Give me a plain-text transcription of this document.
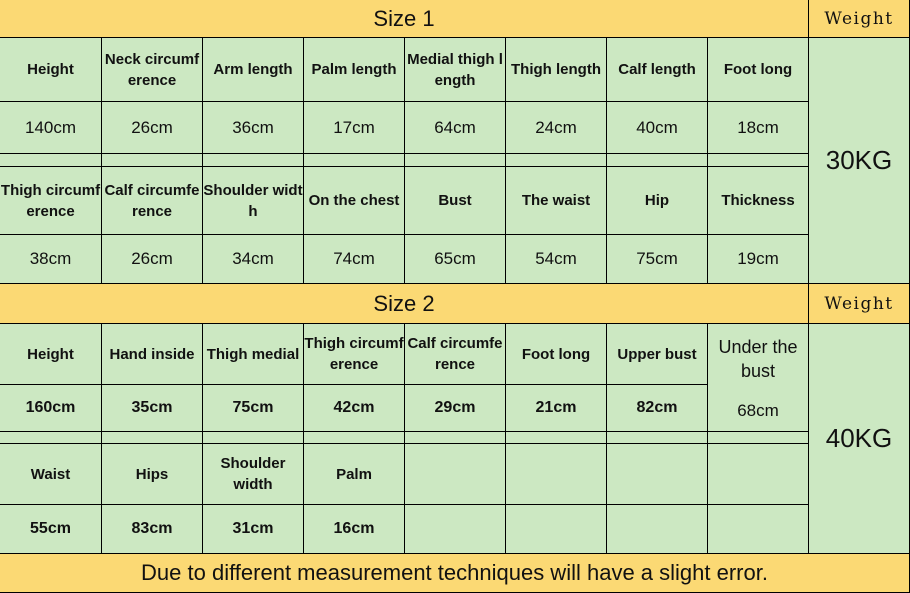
Size 1	Weight
Height
140cm
Thigh circumference
38cm
Neck circumference
26cm
Calf circumference
26cm
Arm length
36cm
Shoulder width
34cm
Palm length
17cm
On the chest
74cm
Medial thigh length
64cm
Bust
65cm
Thigh length
24cm
The waist
54cm
Calf length
40cm
Hip
75cm
Foot long
18cm
Thickness
19cm
30KG
Size 2	Weight
Height
160cm
Hand inside
35cm
Thigh medial
75cm
Thigh circumference
42cm
Calf circumference
29cm
Foot long
21cm
Upper bust
82cm
Under the bust
68cm
Waist
55cm
Hips
83cm
Shoulder width
31cm
Palm
16cm
40KG
Due to different measurement techniques will have a slight error.
